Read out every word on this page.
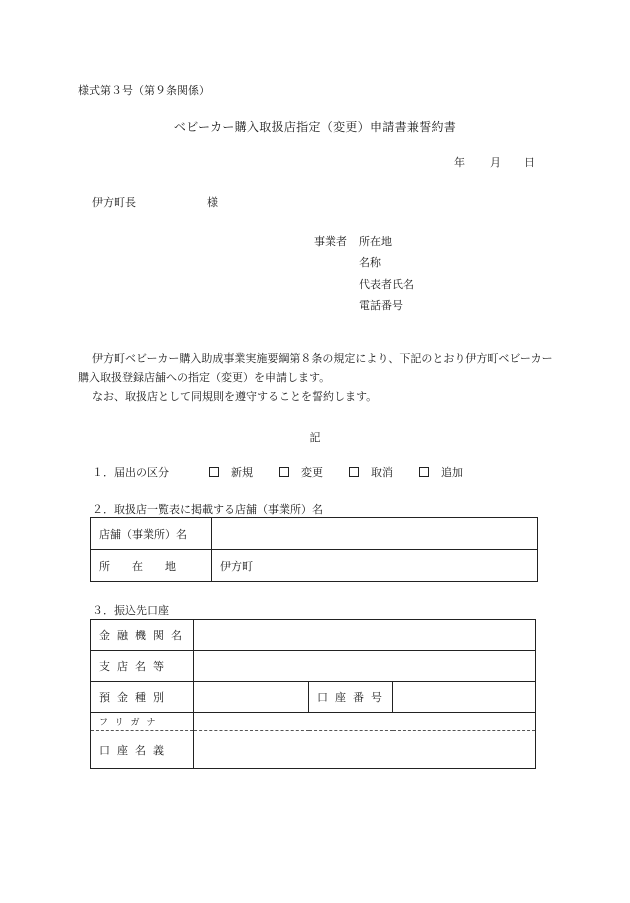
様式第３号（第９条関係）
ベビーカー購入取扱店指定（変更）申請書兼誓約書
年 月 日
伊方町長	様
事業者 所在地
名称
代表者氏名
電話番号

伊方町ベビーカー購入助成事業実施要綱第８条の規定により、下記のとおり伊方町ベビーカー購入取扱登録店舗への指定（変更）を申請します。

なお、取扱店として同規則を遵守することを誓約します。

記
１．届出の区分	新規	変更	取消	追加
２．取扱店一覧表に掲載する店舗（事業所）名
店舗（事業所）名	
所　　在　　地	伊方町
３．振込先口座
金融機関名			
支店名等			
預金種別		口座番号	
フリガナ			
口座名義			
